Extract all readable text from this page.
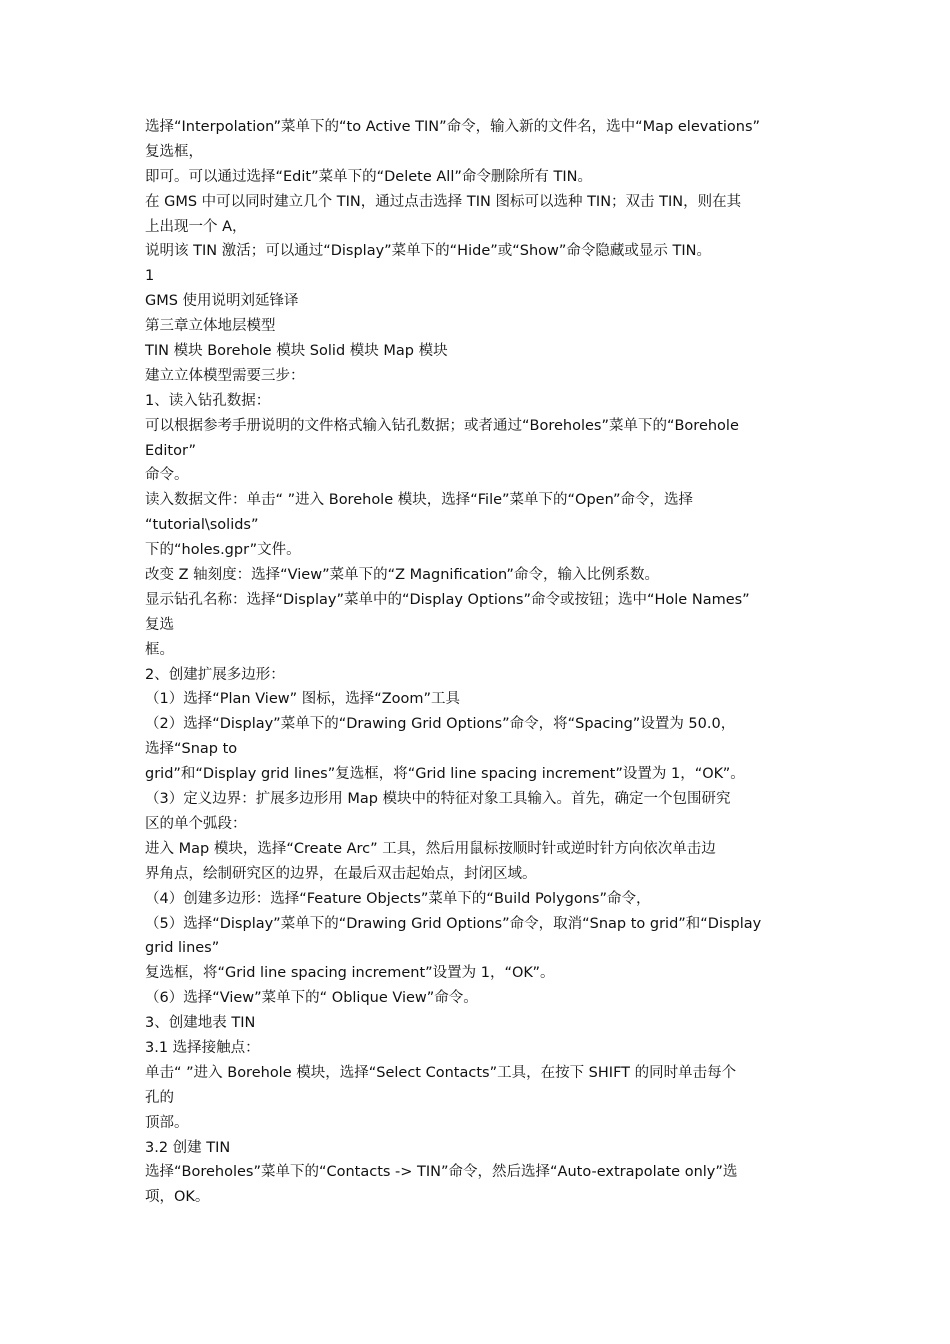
选择“Interpolation”菜单下的“to Active TIN”命令，输入新的文件名，选中“Map elevations”
复选框，
即可。可以通过选择“Edit”菜单下的“Delete All”命令删除所有 TIN。
在 GMS 中可以同时建立几个 TIN，通过点击选择 TIN 图标可以选种 TIN；双击 TIN，则在其
上出现一个 A，
说明该 TIN 激活；可以通过“Display”菜单下的“Hide”或“Show”命令隐藏或显示 TIN。
1
GMS 使用说明刘延锋译
第三章立体地层模型
TIN 模块 Borehole 模块 Solid 模块 Map 模块
建立立体模型需要三步：
1、读入钻孔数据：
可以根据参考手册说明的文件格式输入钻孔数据；或者通过“Boreholes”菜单下的“Borehole
Editor”
命令。
读入数据文件：单击“ ”进入 Borehole 模块，选择“File”菜单下的“Open”命令，选择
“tutorial\solids”
下的“holes.gpr”文件。
改变 Z 轴刻度：选择“View”菜单下的“Z Magnification”命令，输入比例系数。
显示钻孔名称：选择“Display”菜单中的“Display Options”命令或按钮；选中“Hole Names”
复选
框。
2、创建扩展多边形：
（1）选择“Plan View” 图标，选择“Zoom”工具
（2）选择“Display”菜单下的“Drawing Grid Options”命令，将“Spacing”设置为 50.0，
选择“Snap to
grid”和“Display grid lines”复选框，将“Grid line spacing increment”设置为 1，“OK”。
（3）定义边界：扩展多边形用 Map 模块中的特征对象工具输入。首先，确定一个包围研究
区的单个弧段：
进入 Map 模块，选择“Create Arc” 工具，然后用鼠标按顺时针或逆时针方向依次单击边
界角点，绘制研究区的边界，在最后双击起始点，封闭区域。
（4）创建多边形：选择“Feature Objects”菜单下的“Build Polygons”命令，
（5）选择“Display”菜单下的“Drawing Grid Options”命令，取消“Snap to grid”和“Display
grid lines”
复选框，将“Grid line spacing increment”设置为 1，“OK”。
（6）选择“View”菜单下的“ Oblique View”命令。
3、创建地表 TIN
3.1 选择接触点：
单击“ ”进入 Borehole 模块，选择“Select Contacts”工具，在按下 SHIFT 的同时单击每个
孔的
顶部。
3.2 创建 TIN
选择“Boreholes”菜单下的“Contacts -> TIN”命令，然后选择“Auto-extrapolate only”选
项，OK。
